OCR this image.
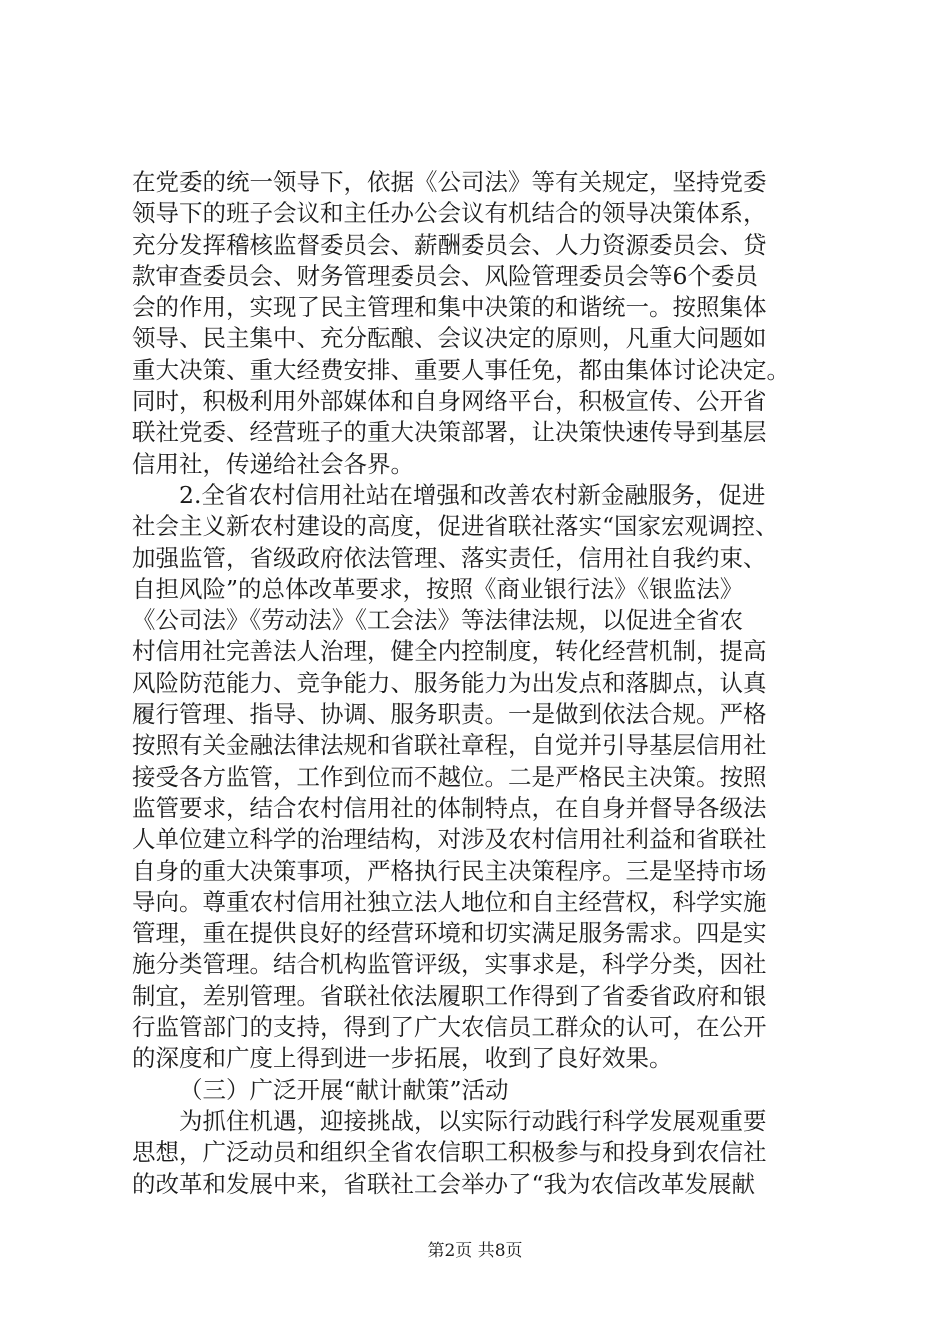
在党委的统一领导下，依据《公司法》等有关规定，坚持党委
领导下的班子会议和主任办公会议有机结合的领导决策体系，
充分发挥稽核监督委员会、薪酬委员会、人力资源委员会、贷
款审查委员会、财务管理委员会、风险管理委员会等6个委员
会的作用，实现了民主管理和集中决策的和谐统一。按照集体
领导、民主集中、充分酝酿、会议决定的原则，凡重大问题如
重大决策、重大经费安排、重要人事任免，都由集体讨论决定。
同时，积极利用外部媒体和自身网络平台，积极宣传、公开省
联社党委、经营班子的重大决策部署，让决策快速传导到基层
信用社，传递给社会各界。
2.全省农村信用社站在增强和改善农村新金融服务，促进
社会主义新农村建设的高度，促进省联社落实“国家宏观调控、
加强监管，省级政府依法管理、落实责任，信用社自我约束、
自担风险”的总体改革要求，按照《商业银行法》《银监法》
《公司法》《劳动法》《工会法》等法律法规，以促进全省农
村信用社完善法人治理，健全内控制度，转化经营机制，提高
风险防范能力、竞争能力、服务能力为出发点和落脚点，认真
履行管理、指导、协调、服务职责。一是做到依法合规。严格
按照有关金融法律法规和省联社章程，自觉并引导基层信用社
接受各方监管，工作到位而不越位。二是严格民主决策。按照
监管要求，结合农村信用社的体制特点，在自身并督导各级法
人单位建立科学的治理结构，对涉及农村信用社利益和省联社
自身的重大决策事项，严格执行民主决策程序。三是坚持市场
导向。尊重农村信用社独立法人地位和自主经营权，科学实施
管理，重在提供良好的经营环境和切实满足服务需求。四是实
施分类管理。结合机构监管评级，实事求是，科学分类，因社
制宜，差别管理。省联社依法履职工作得到了省委省政府和银
行监管部门的支持，得到了广大农信员工群众的认可，在公开
的深度和广度上得到进一步拓展，收到了良好效果。
（三）广泛开展“献计献策”活动
为抓住机遇，迎接挑战，以实际行动践行科学发展观重要
思想，广泛动员和组织全省农信职工积极参与和投身到农信社
的改革和发展中来，省联社工会举办了“我为农信改革发展献
第2页 共8页
